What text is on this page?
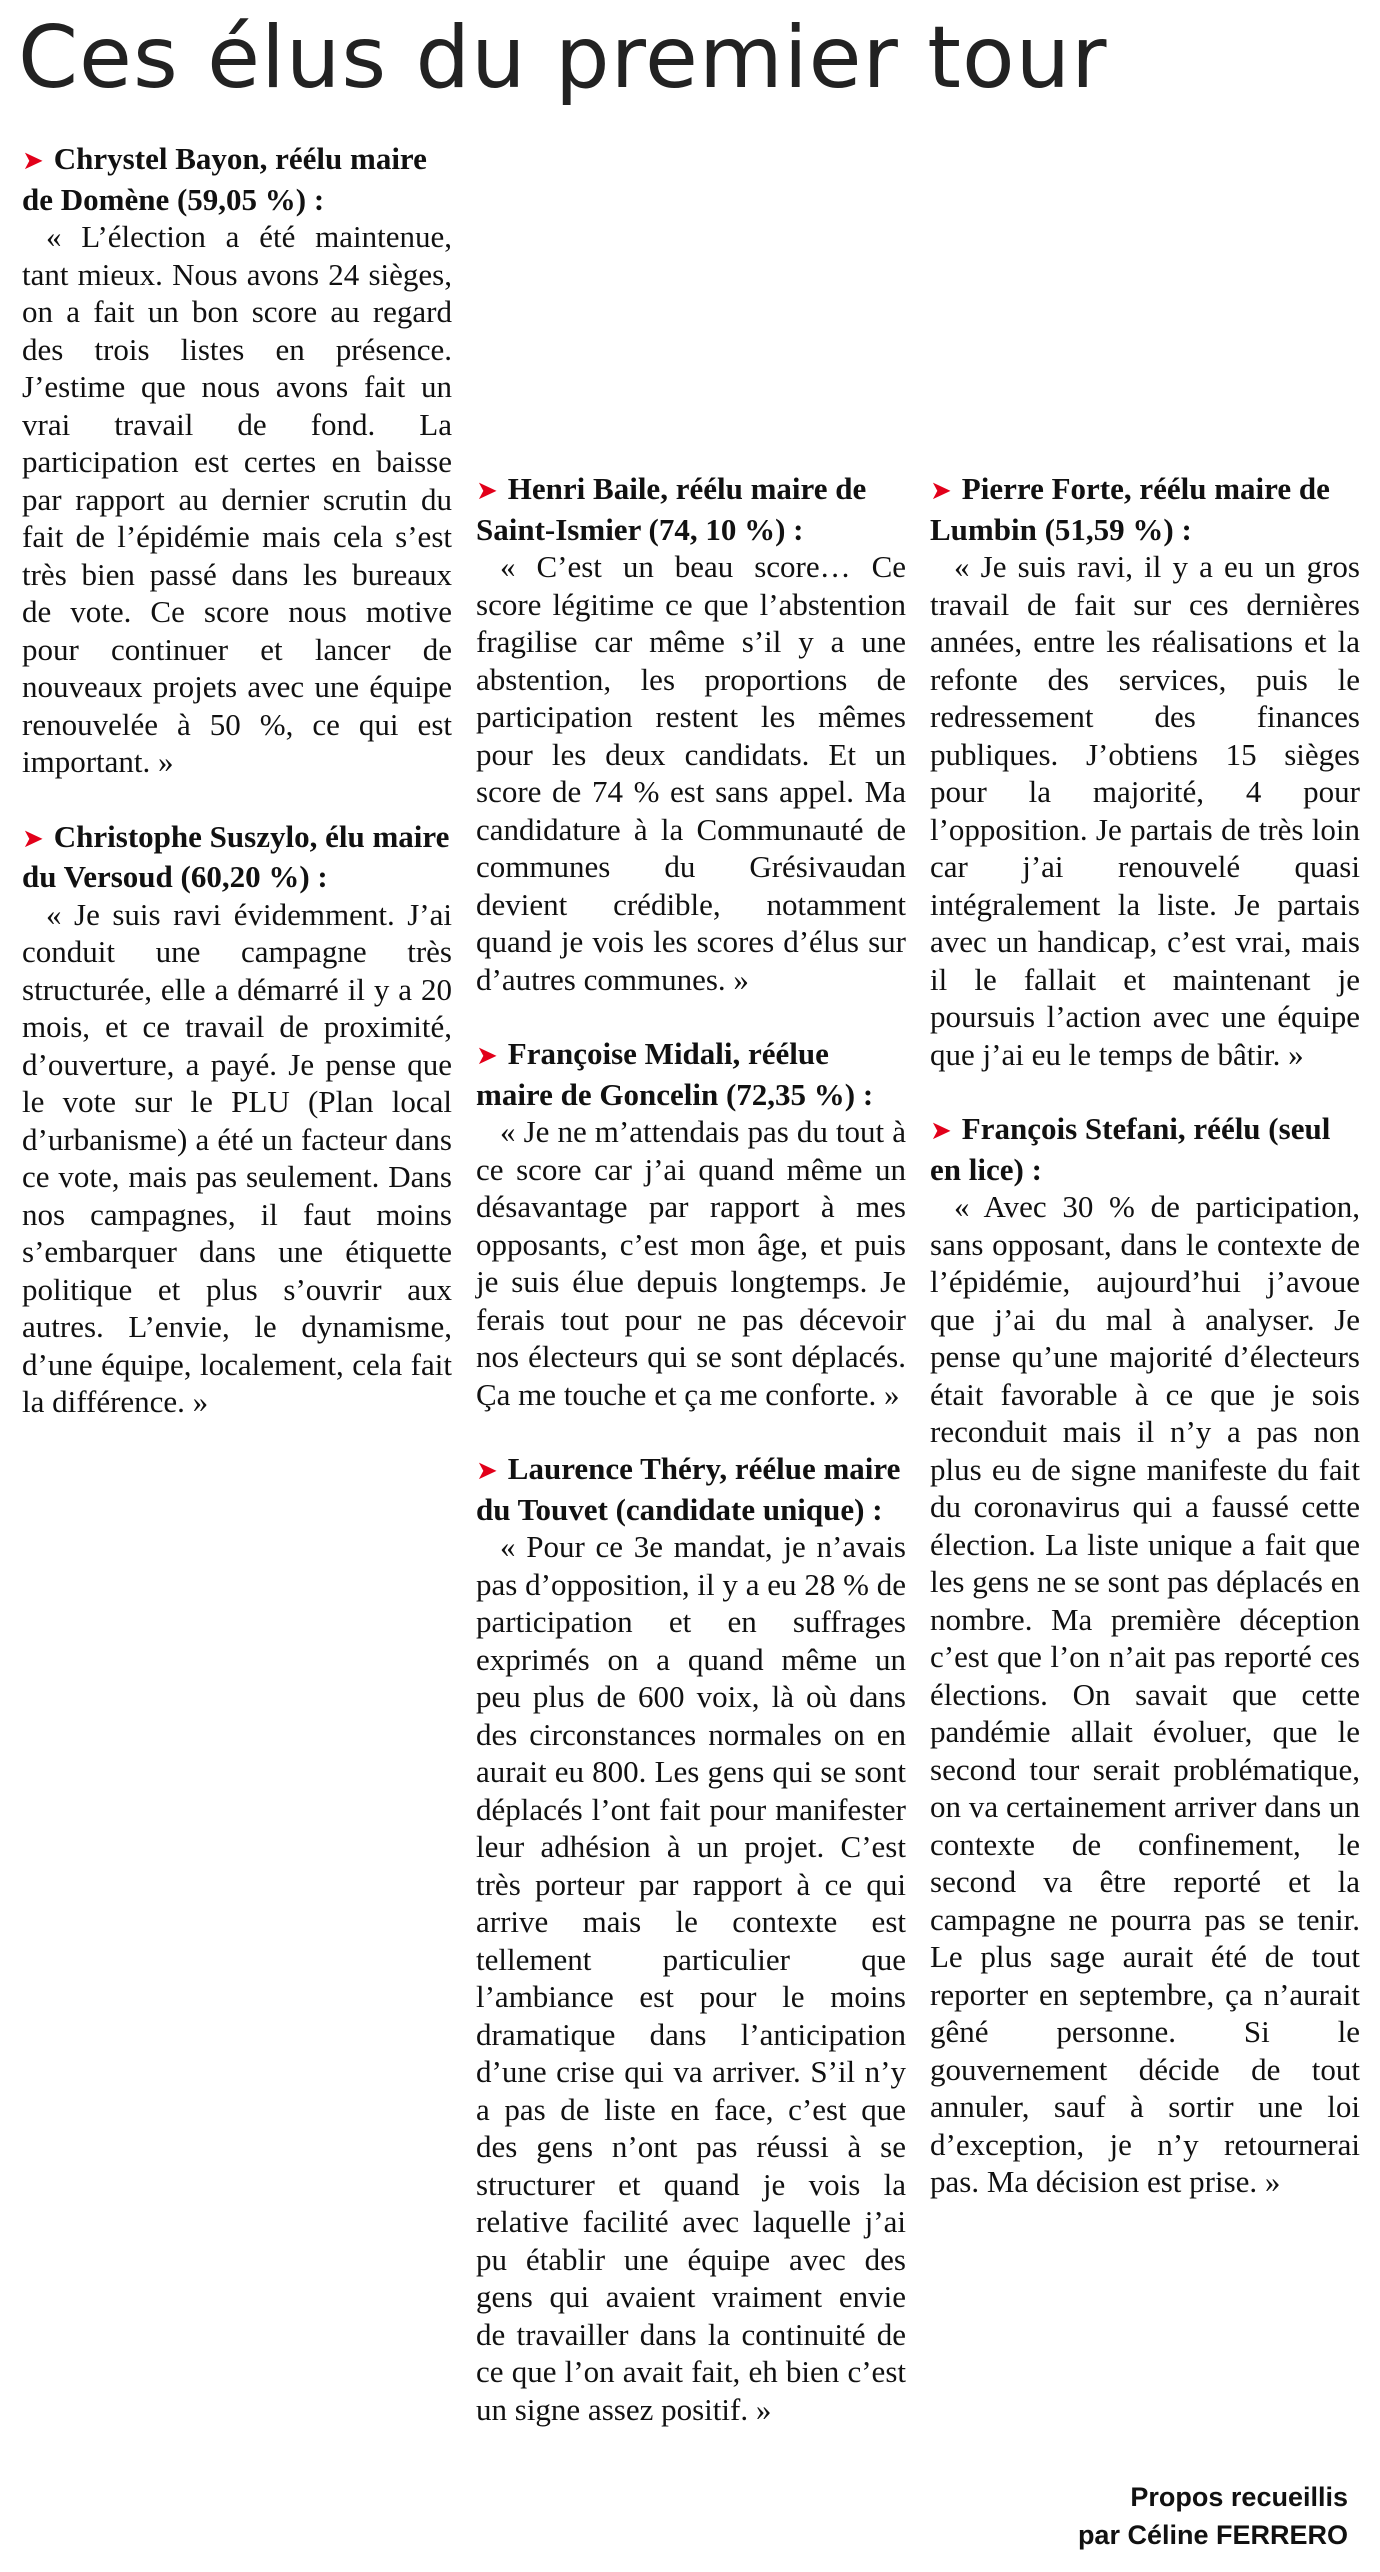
Ces élus du premier tour

➤ Chrystel Bayon, réélu maire de Domène (59,05 %) :

« L’élection a été maintenue, tant mieux. Nous avons 24 sièges, on a fait un bon score au regard des trois listes en présence. J’estime que nous avons fait un vrai travail de fond. La participation est certes en baisse par rapport au dernier scrutin du fait de l’épidémie mais cela s’est très bien passé dans les bureaux de vote. Ce score nous motive pour continuer et lancer de nouveaux projets avec une équipe renouvelée à 50 %, ce qui est important. »

➤ Christophe Suszylo, élu maire du Versoud (60,20 %) :

« Je suis ravi évidemment. J’ai conduit une campagne très structurée, elle a démarré il y a 20 mois, et ce travail de proximité, d’ouverture, a payé. Je pense que le vote sur le PLU (Plan local d’urbanisme) a été un facteur dans ce vote, mais pas seulement. Dans nos campagnes, il faut moins s’embarquer dans une étiquette politique et plus s’ouvrir aux autres. L’envie, le dynamisme, d’une équipe, localement, cela fait la différence. »

➤ Henri Baile, réélu maire de Saint-Ismier (74, 10 %) :

« C’est un beau score… Ce score légitime ce que l’abstention fragilise car même s’il y a une abstention, les proportions de participation restent les mêmes pour les deux candidats. Et un score de 74 % est sans appel. Ma candidature à la Communauté de communes du Grésivaudan devient crédible, notamment quand je vois les scores d’élus sur d’autres communes. »

➤ Françoise Midali, réélue maire de Goncelin (72,35 %) :

« Je ne m’attendais pas du tout à ce score car j’ai quand même un désavantage par rapport à mes opposants, c’est mon âge, et puis je suis élue depuis longtemps. Je ferais tout pour ne pas décevoir nos électeurs qui se sont déplacés. Ça me touche et ça me conforte. »

➤ Laurence Théry, réélue maire du Touvet (candidate unique) :

« Pour ce 3e mandat, je n’avais pas d’opposition, il y a eu 28 % de participation et en suffrages exprimés on a quand même un peu plus de 600 voix, là où dans des circonstances normales on en aurait eu 800. Les gens qui se sont déplacés l’ont fait pour manifester leur adhésion à un projet. C’est très porteur par rapport à ce qui arrive mais le contexte est tellement particulier que l’ambiance est pour le moins dramatique dans l’anticipation d’une crise qui va arriver. S’il n’y a pas de liste en face, c’est que des gens n’ont pas réussi à se structurer et quand je vois la relative facilité avec laquelle j’ai pu établir une équipe avec des gens qui avaient vraiment envie de travailler dans la continuité de ce que l’on avait fait, eh bien c’est un signe assez positif. »

➤ Pierre Forte, réélu maire de Lumbin (51,59 %) :

« Je suis ravi, il y a eu un gros travail de fait sur ces dernières années, entre les réalisations et la refonte des services, puis le redressement des finances publiques. J’obtiens 15 sièges pour la majorité, 4 pour l’opposition. Je partais de très loin car j’ai renouvelé quasi intégralement la liste. Je partais avec un handicap, c’est vrai, mais il le fallait et maintenant je poursuis l’action avec une équipe que j’ai eu le temps de bâtir. »

➤ François Stefani, réélu (seul en lice) :

« Avec 30 % de participation, sans opposant, dans le contexte de l’épidémie, aujourd’hui j’avoue que j’ai du mal à analyser. Je pense qu’une majorité d’électeurs était favorable à ce que je sois reconduit mais il n’y a pas non plus eu de signe manifeste du fait du coronavirus qui a faussé cette élection. La liste unique a fait que les gens ne se sont pas déplacés en nombre. Ma première déception c’est que l’on n’ait pas reporté ces élections. On savait que cette pandémie allait évoluer, que le second tour serait problématique, on va certainement arriver dans un contexte de confinement, le second va être reporté et la campagne ne pourra pas se tenir. Le plus sage aurait été de tout reporter en septembre, ça n’aurait gêné personne. Si le gouvernement décide de tout annuler, sauf à sortir une loi d’exception, je n’y retournerai pas. Ma décision est prise. »

Propos recueillis
par Céline FERRERO
